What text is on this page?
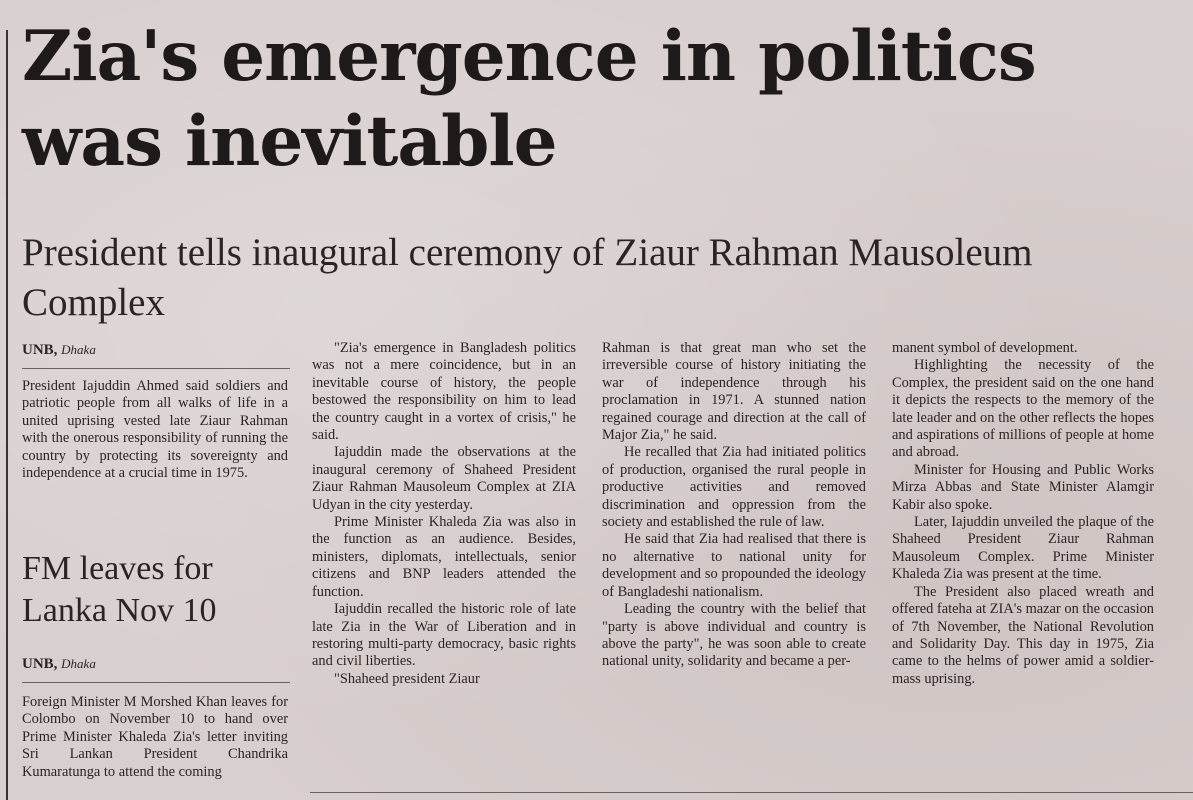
Zia's emergence in politics was inevitable
President tells inaugural ceremony of Ziaur Rahman Mausoleum Complex
UNB, Dhaka

President Iajuddin Ahmed said soldiers and patriotic people from all walks of life in a united uprising vested late Ziaur Rahman with the onerous responsibility of running the country by protecting its sovereignty and independence at a crucial time in 1975.

"Zia's emergence in Bangladesh politics was not a mere coincidence, but in an inevitable course of history, the people bestowed the responsibility on him to lead the country caught in a vortex of crisis," he said.

Iajuddin made the observations at the inaugural ceremony of Shaheed President Ziaur Rahman Mausoleum Complex at ZIA Udyan in the city yesterday.

Prime Minister Khaleda Zia was also in the function as an audience. Besides, ministers, diplomats, intellectuals, senior citizens and BNP leaders attended the function.

Iajuddin recalled the historic role of late late Zia in the War of Liberation and in restoring multi-party democracy, basic rights and civil liberties.

"Shaheed president Ziaur

Rahman is that great man who set the irreversible course of history initiating the war of independence through his proclamation in 1971. A stunned nation regained courage and direction at the call of Major Zia," he said.

He recalled that Zia had initiated politics of production, organised the rural people in productive activities and removed discrimination and oppression from the society and established the rule of law.

He said that Zia had realised that there is no alternative to national unity for development and so propounded the ideology of Bangladeshi nationalism.

Leading the country with the belief that "party is above individual and country is above the party", he was soon able to create national unity, solidarity and became a per-

manent symbol of development.

Highlighting the necessity of the Complex, the president said on the one hand it depicts the respects to the memory of the late leader and on the other reflects the hopes and aspirations of millions of people at home and abroad.

Minister for Housing and Public Works Mirza Abbas and State Minister Alamgir Kabir also spoke.

Later, Iajuddin unveiled the plaque of the Shaheed President Ziaur Rahman Mausoleum Complex. Prime Minister Khaleda Zia was present at the time.

The President also placed wreath and offered fateha at ZIA's mazar on the occasion of 7th November, the National Revolution and Solidarity Day. This day in 1975, Zia came to the helms of power amid a soldier-mass uprising.

FM leaves for Lanka Nov 10
UNB, Dhaka

Foreign Minister M Morshed Khan leaves for Colombo on November 10 to hand over Prime Minister Khaleda Zia's letter inviting Sri Lankan President Chandrika Kumaratunga to attend the coming
